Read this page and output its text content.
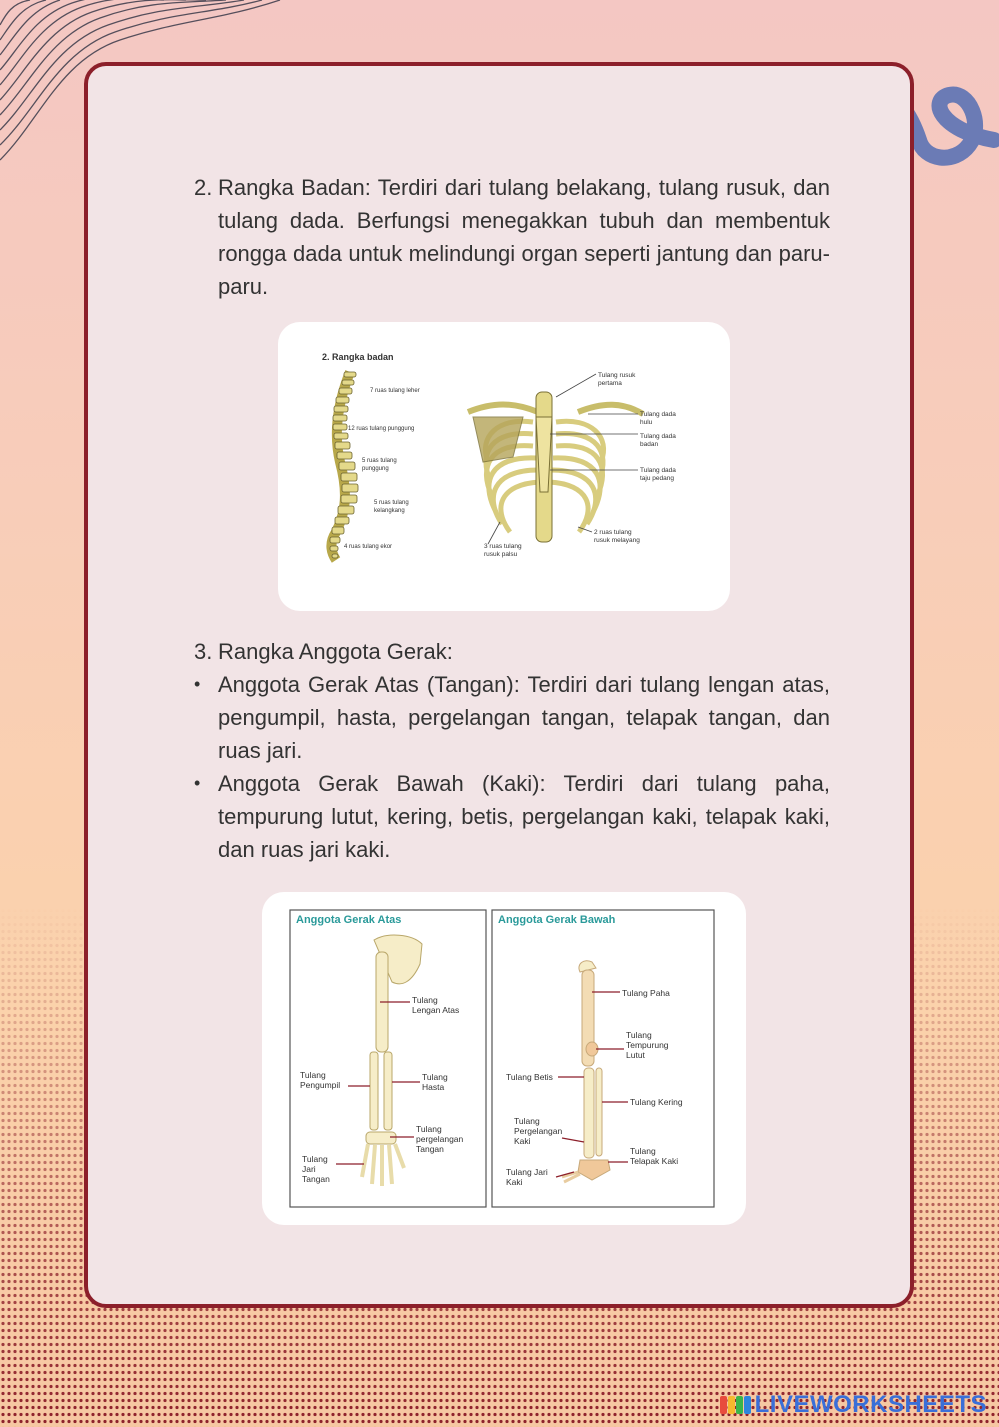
2. Rangka Badan: Terdiri dari tulang belakang, tulang rusuk, dan tulang dada. Berfungsi menegakkan tubuh dan membentuk rongga dada untuk melindungi organ seperti jantung dan paru-paru.
2. Rangka badan
7 ruas tulang leher
12 ruas tulang punggung
5 ruas tulang
punggung
5 ruas tulang
kelangkang
4 ruas tulang ekor
Tulang rusuk
pertama
Tulang dada
hulu
Tulang dada
badan
Tulang dada
taju pedang
2 ruas tulang
rusuk melayang
3 ruas tulang
rusuk palsu
3. Rangka Anggota Gerak:
• Anggota Gerak Atas (Tangan): Terdiri dari tulang lengan atas, pengumpil, hasta, pergelangan tangan, telapak tangan, dan ruas jari.
• Anggota Gerak Bawah (Kaki): Terdiri dari tulang paha, tempurung lutut, kering, betis, pergelangan kaki, telapak kaki, dan ruas jari kaki.
Anggota Gerak Atas
Tulang
Lengan Atas
Tulang
Pengumpil
Tulang
Hasta
Tulang
pergelangan
Tangan
Tulang
Jari
Tangan
Anggota Gerak Bawah
Tulang Paha
Tulang
Tempurung
Lutut
Tulang Betis
Tulang Kering
Tulang
Pergelangan
Kaki
Tulang
Telapak Kaki
Tulang Jari
Kaki
LIVEWORKSHEETS
